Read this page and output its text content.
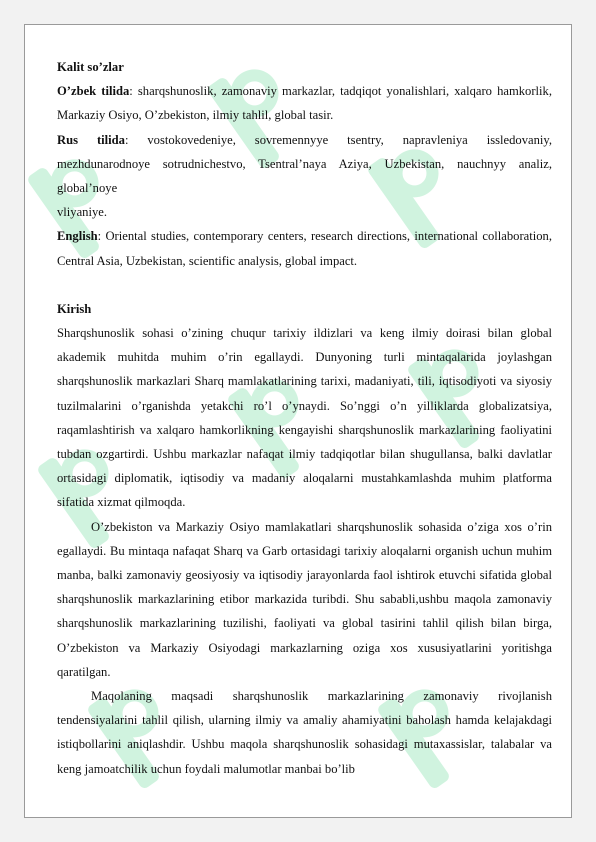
Kalit so’zlar

O’zbek tilida: sharqshunoslik, zamonaviy markazlar, tadqiqot yonalishlari, xalqaro hamkorlik, Markaziy Osiyo, O’zbekiston, ilmiy tahlil, global tasir.

Rus tilida: vostokovedeniye, sovremennyye tsentry, napravleniya issledovaniy, mezhdunarodnoye sotrudnichestvo, Tsentral’naya Aziya, Uzbekistan, nauchnyy analiz, global’noye

vliyaniye.

English: Oriental studies, contemporary centers, research directions, international collaboration, Central Asia, Uzbekistan, scientific analysis, global impact.

Kirish

Sharqshunoslik sohasi o’zining chuqur tarixiy ildizlari va keng ilmiy doirasi bilan global akademik muhitda muhim o’rin egallaydi. Dunyoning turli mintaqalarida joylashgan sharqshunoslik markazlari Sharq mamlakatlarining tarixi, madaniyati, tili, iqtisodiyoti va siyosiy tuzilmalarini o’rganishda yetakchi ro’l o’ynaydi. So’nggi o’n yilliklarda globalizatsiya, raqamlashtirish va xalqaro hamkorlikning kengayishi sharqshunoslik markazlarining faoliyatini tubdan ozgartirdi. Ushbu markazlar nafaqat ilmiy tadqiqotlar bilan shugullansa, balki davlatlar ortasidagi diplomatik, iqtisodiy va madaniy aloqalarni mustahkamlashda muhim platforma sifatida xizmat qilmoqda.

O’zbekiston va Markaziy Osiyo mamlakatlari sharqshunoslik sohasida o’ziga xos o’rin egallaydi. Bu mintaqa nafaqat Sharq va Garb ortasidagi tarixiy aloqalarni organish uchun muhim manba, balki zamonaviy geosiyosiy va iqtisodiy jarayonlarda faol ishtirok etuvchi sifatida global sharqshunoslik markazlarining etibor markazida turibdi. Shu sababli,ushbu maqola zamonaviy sharqshunoslik markazlarining tuzilishi, faoliyati va global tasirini tahlil qilish bilan birga, O’zbekiston va Markaziy Osiyodagi markazlarning oziga xos xususiyatlarini yoritishga qaratilgan.

Maqolaning maqsadi sharqshunoslik markazlarining zamonaviy rivojlanish tendensiyalarini tahlil qilish, ularning ilmiy va amaliy ahamiyatini baholash hamda kelajakdagi istiqbollarini aniqlashdir. Ushbu maqola sharqshunoslik sohasidagi mutaxassislar, talabalar va keng jamoatchilik uchun foydali malumotlar manbai bo’lib
